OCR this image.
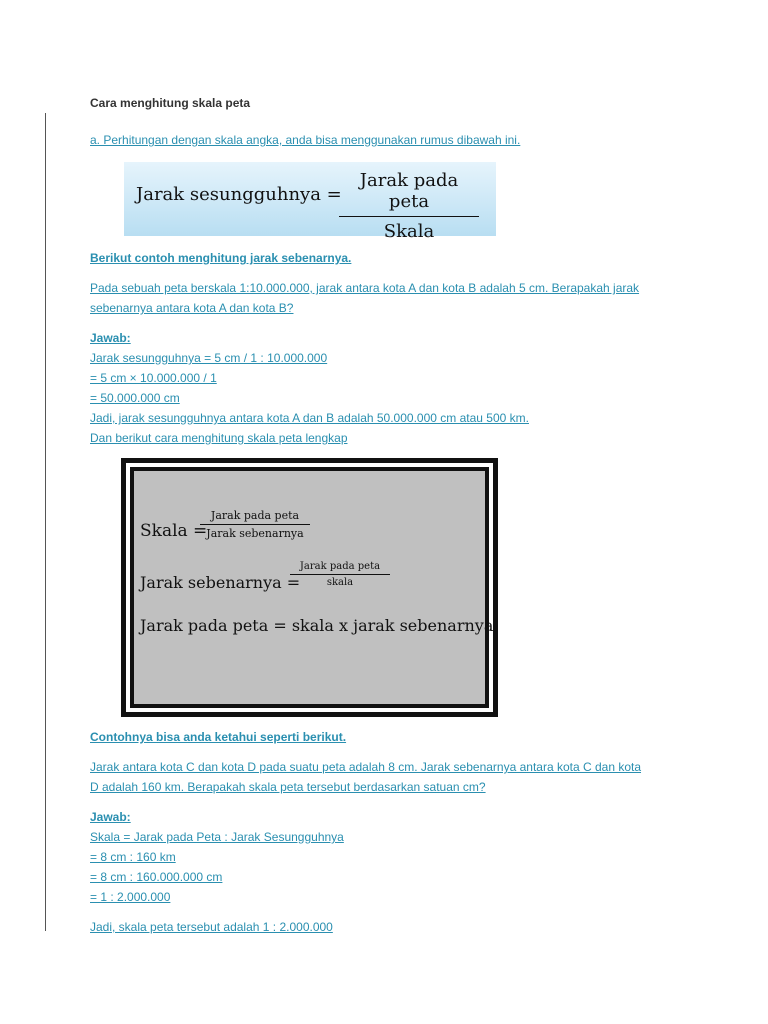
Cara menghitung skala peta

a. Perhitungan dengan skala angka, anda bisa menggunakan rumus dibawah ini.
Jarak sesungguhnya =
Jarak pada peta
Skala
Berikut contoh menghitung jarak sebenarnya.
Pada sebuah peta berskala 1:10.000.000, jarak antara kota A dan kota B adalah 5 cm. Berapakah jarak
sebenarnya antara kota A dan kota B?
Jawab:
Jarak sesungguhnya = 5 cm / 1 : 10.000.000
= 5 cm × 10.000.000 / 1
= 50.000.000 cm
Jadi, jarak sesungguhnya antara kota A dan B adalah 50.000.000 cm atau 500 km.
Dan berikut cara menghitung skala peta lengkap
Skala =
Jarak pada peta
Jarak sebenarnya
Jarak sebenarnya =
Jarak pada peta
skala
Jarak pada peta = skala x jarak sebenarnya
Contohnya bisa anda ketahui seperti berikut.
Jarak antara kota C dan kota D pada suatu peta adalah 8 cm. Jarak sebenarnya antara kota C dan kota
D adalah 160 km. Berapakah skala peta tersebut berdasarkan satuan cm?
Jawab:
Skala = Jarak pada Peta : Jarak Sesungguhnya
= 8 cm : 160 km
= 8 cm : 160.000.000 cm
= 1 : 2.000.000
Jadi, skala peta tersebut adalah 1 : 2.000.000
